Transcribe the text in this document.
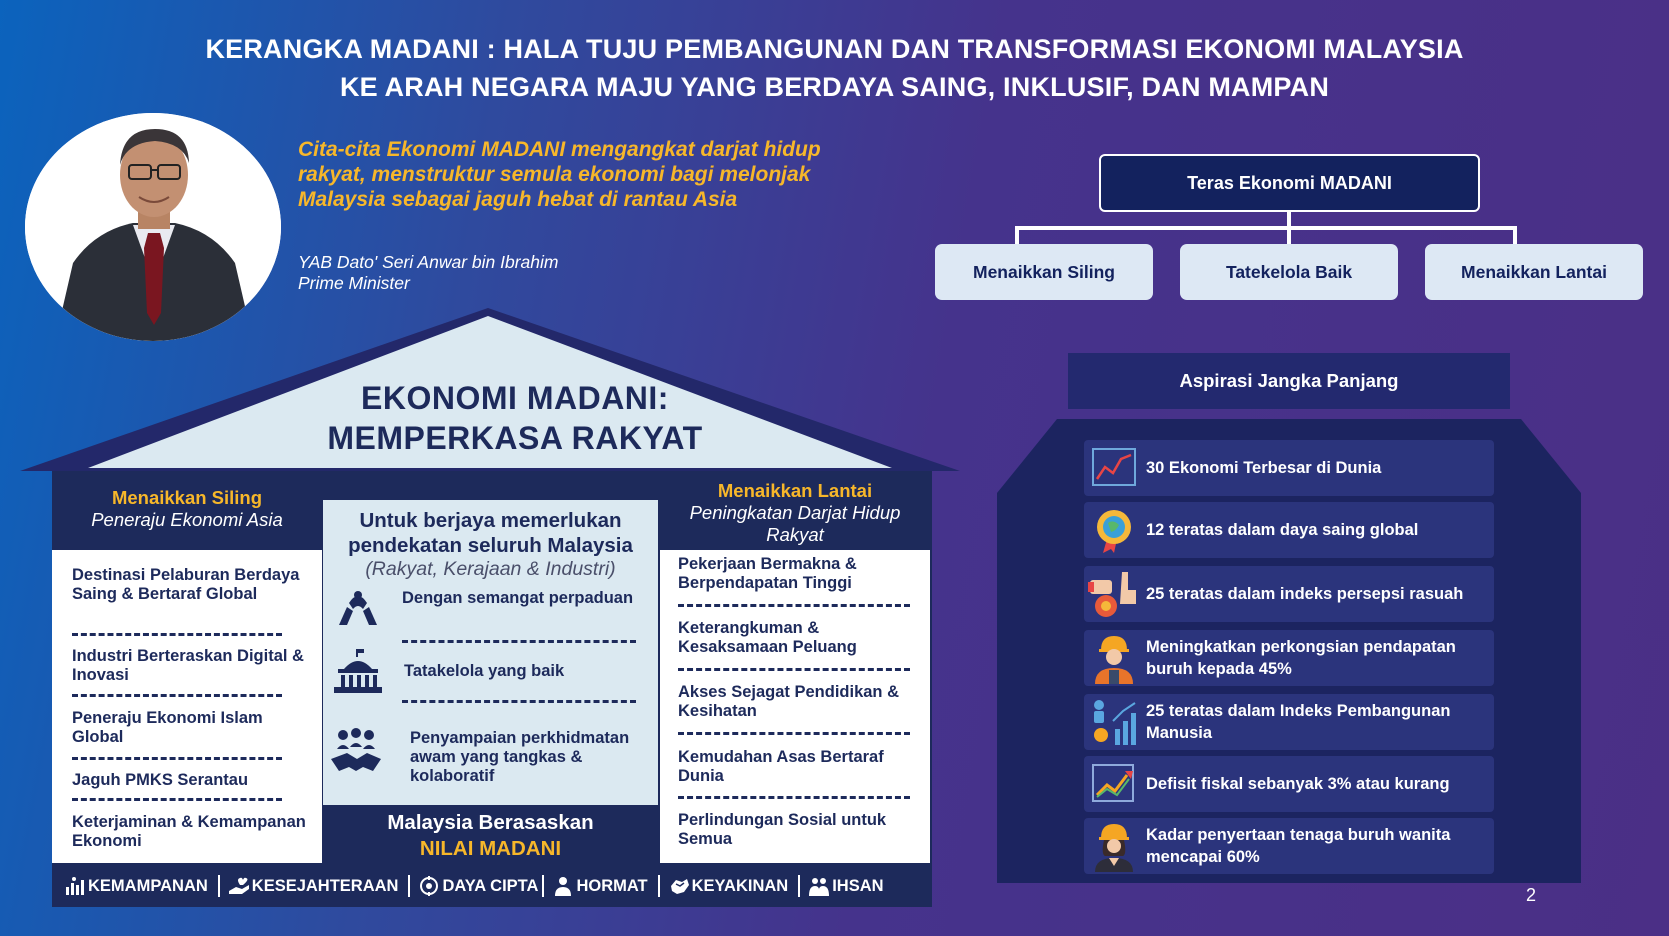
KERANGKA MADANI : HALA TUJU PEMBANGUNAN DAN TRANSFORMASI EKONOMI MALAYSIA
KE ARAH NEGARA MAJU YANG BERDAYA SAING, INKLUSIF, DAN MAMPAN
Cita-cita Ekonomi MADANI mengangkat darjat hidup rakyat, menstruktur semula ekonomi bagi melonjak Malaysia sebagai jaguh hebat di rantau Asia
YAB Dato' Seri Anwar bin Ibrahim
Prime Minister
Teras Ekonomi MADANI
Menaikkan Siling	Tatekelola Baik	Menaikkan Lantai
Aspirasi Jangka Panjang
30 Ekonomi Terbesar di Dunia
12 teratas dalam daya saing global
25 teratas dalam indeks persepsi rasuah
Meningkatkan perkongsian pendapatan buruh kepada 45%
25 teratas dalam Indeks Pembangunan Manusia
Defisit fiskal sebanyak 3% atau kurang
Kadar penyertaan tenaga buruh wanita mencapai 60%
2
EKONOMI MADANI:
MEMPERKASA RAKYAT
Menaikkan Siling
Peneraju Ekonomi Asia
Destinasi Pelaburan Berdaya Saing & Bertaraf Global
Industri Berteraskan Digital & Inovasi
Peneraju Ekonomi Islam Global
Jaguh PMKS Serantau
Keterjaminan & Kemampanan Ekonomi
Untuk berjaya memerlukan pendekatan seluruh Malaysia
(Rakyat, Kerajaan & Industri)
Dengan semangat perpaduan
Tatakelola yang baik
Penyampaian perkhidmatan awam yang tangkas & kolaboratif
Malaysia Berasaskan
NILAI MADANI
Menaikkan Lantai
Peningkatan Darjat Hidup Rakyat
Pekerjaan Bermakna & Berpendapatan Tinggi
Keterangkuman & Kesaksamaan Peluang
Akses Sejagat Pendidikan & Kesihatan
Kemudahan Asas Bertaraf Dunia
Perlindungan Sosial untuk Semua
KEMAMPANAN	KESEJAHTERAAN	DAYA CIPTA HORMAT	KEYAKINAN	IHSAN
